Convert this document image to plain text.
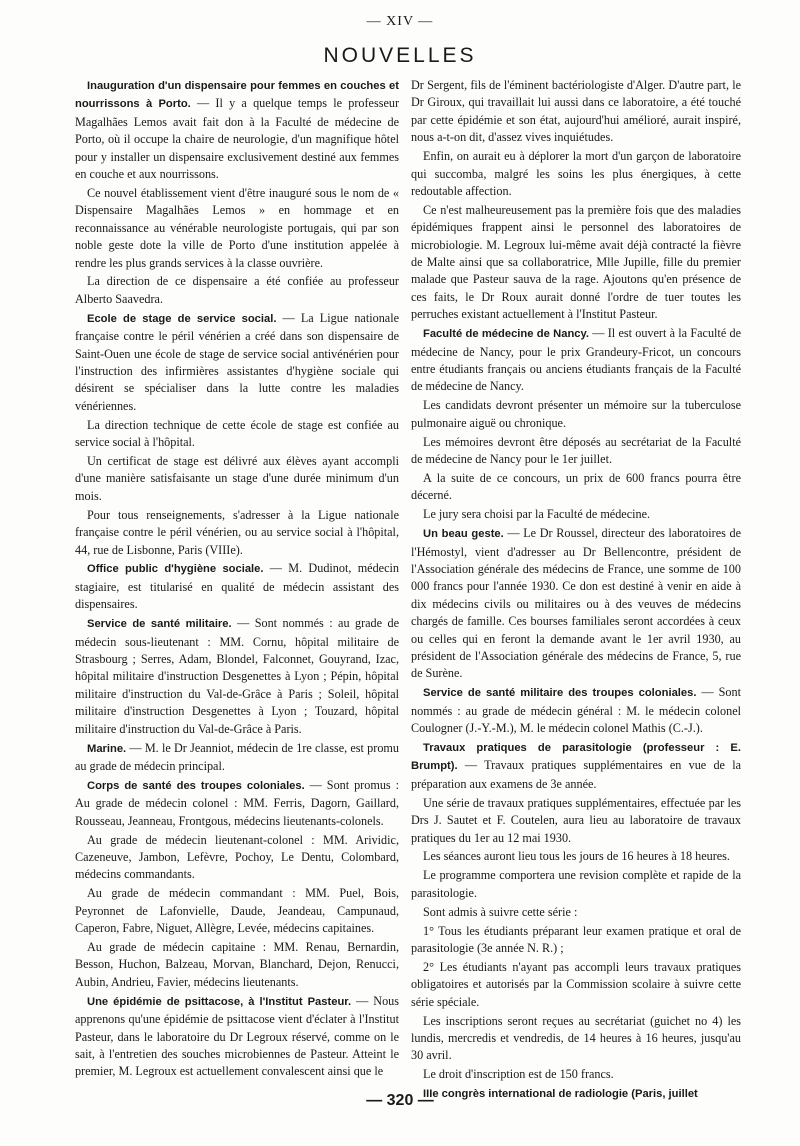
— XIV —
NOUVELLES

Inauguration d'un dispensaire pour femmes en couches et nourrissons à Porto. — Il y a quelque temps le professeur Magalhães Lemos avait fait don à la Faculté de médecine de Porto, où il occupe la chaire de neurologie, d'un magnifique hôtel pour y installer un dispensaire exclusivement destiné aux femmes en couche et aux nourrissons.

Ce nouvel établissement vient d'être inauguré sous le nom de « Dispensaire Magalhães Lemos » en hommage et en reconnaissance au vénérable neurologiste portugais, qui par son noble geste dote la ville de Porto d'une institution appelée à rendre les plus grands services à la classe ouvrière.

La direction de ce dispensaire a été confiée au professeur Alberto Saavedra.

Ecole de stage de service social. — La Ligue nationale française contre le péril vénérien a créé dans son dispensaire de Saint-Ouen une école de stage de service social antivénérien pour l'instruction des infirmières assistantes d'hygiène sociale qui désirent se spécialiser dans la lutte contre les maladies vénériennes.

La direction technique de cette école de stage est confiée au service social à l'hôpital.

Un certificat de stage est délivré aux élèves ayant accompli d'une manière satisfaisante un stage d'une durée minimum d'un mois.

Pour tous renseignements, s'adresser à la Ligue nationale française contre le péril vénérien, ou au service social à l'hôpital, 44, rue de Lisbonne, Paris (VIIIe).

Office public d'hygiène sociale. — M. Dudinot, médecin stagiaire, est titularisé en qualité de médecin assistant des dispensaires.

Service de santé militaire. — Sont nommés : au grade de médecin sous-lieutenant : MM. Cornu, hôpital militaire de Strasbourg ; Serres, Adam, Blondel, Falconnet, Gouyrand, Izac, hôpital militaire d'instruction Desgenettes à Lyon ; Pépin, hôpital militaire d'instruction du Val-de-Grâce à Paris ; Soleil, hôpital militaire d'instruction Desgenettes à Lyon ; Touzard, hôpital militaire d'instruction du Val-de-Grâce à Paris.

Marine. — M. le Dr Jeanniot, médecin de 1re classe, est promu au grade de médecin principal.

Corps de santé des troupes coloniales. — Sont promus : Au grade de médecin colonel : MM. Ferris, Dagorn, Gaillard, Rousseau, Jeanneau, Frontgous, médecins lieutenants-colonels.

Au grade de médecin lieutenant-colonel : MM. Arividic, Cazeneuve, Jambon, Lefèvre, Pochoy, Le Dentu, Colombard, médecins commandants.

Au grade de médecin commandant : MM. Puel, Bois, Peyronnet de Lafonvielle, Daude, Jeandeau, Campunaud, Caperon, Fabre, Niguet, Allègre, Levée, médecins capitaines.

Au grade de médecin capitaine : MM. Renau, Bernardin, Besson, Huchon, Balzeau, Morvan, Blanchard, Dejon, Renucci, Aubin, Andrieu, Favier, médecins lieutenants.

Une épidémie de psittacose, à l'Institut Pasteur. — Nous apprenons qu'une épidémie de psittacose vient d'éclater à l'Institut Pasteur, dans le laboratoire du Dr Legroux réservé, comme on le sait, à l'entretien des souches microbiennes de Pasteur. Atteint le premier, M. Legroux est actuellement convalescent ainsi que le

Dr Sergent, fils de l'éminent bactériologiste d'Alger. D'autre part, le Dr Giroux, qui travaillait lui aussi dans ce laboratoire, a été touché par cette épidémie et son état, aujourd'hui amélioré, aurait inspiré, nous a-t-on dit, d'assez vives inquiétudes.

Enfin, on aurait eu à déplorer la mort d'un garçon de laboratoire qui succomba, malgré les soins les plus énergiques, à cette redoutable affection.

Ce n'est malheureusement pas la première fois que des maladies épidémiques frappent ainsi le personnel des laboratoires de microbiologie. M. Legroux lui-même avait déjà contracté la fièvre de Malte ainsi que sa collaboratrice, Mlle Jupille, fille du premier malade que Pasteur sauva de la rage. Ajoutons qu'en présence de ces faits, le Dr Roux aurait donné l'ordre de tuer toutes les perruches existant actuellement à l'Institut Pasteur.

Faculté de médecine de Nancy. — Il est ouvert à la Faculté de médecine de Nancy, pour le prix Grandeury-Fricot, un concours entre étudiants français ou anciens étudiants français de la Faculté de médecine de Nancy.

Les candidats devront présenter un mémoire sur la tuberculose pulmonaire aiguë ou chronique.

Les mémoires devront être déposés au secrétariat de la Faculté de médecine de Nancy pour le 1er juillet.

A la suite de ce concours, un prix de 600 francs pourra être décerné.

Le jury sera choisi par la Faculté de médecine.

Un beau geste. — Le Dr Roussel, directeur des laboratoires de l'Hémostyl, vient d'adresser au Dr Bellencontre, président de l'Association générale des médecins de France, une somme de 100 000 francs pour l'année 1930. Ce don est destiné à venir en aide à dix médecins civils ou militaires ou à des veuves de médecins chargés de famille. Ces bourses familiales seront accordées à ceux ou celles qui en feront la demande avant le 1er avril 1930, au président de l'Association générale des médecins de France, 5, rue de Surène.

Service de santé militaire des troupes coloniales. — Sont nommés : au grade de médecin général : M. le médecin colonel Coulogner (J.-Y.-M.), M. le médecin colonel Mathis (C.-J.).

Travaux pratiques de parasitologie (professeur : E. Brumpt). — Travaux pratiques supplémentaires en vue de la préparation aux examens de 3e année.

Une série de travaux pratiques supplémentaires, effectuée par les Drs J. Sautet et F. Coutelen, aura lieu au laboratoire de travaux pratiques du 1er au 12 mai 1930.

Les séances auront lieu tous les jours de 16 heures à 18 heures.

Le programme comportera une revision complète et rapide de la parasitologie.

Sont admis à suivre cette série :

1° Tous les étudiants préparant leur examen pratique et oral de parasitologie (3e année N. R.) ;

2° Les étudiants n'ayant pas accompli leurs travaux pratiques obligatoires et autorisés par la Commission scolaire à suivre cette série spéciale.

Les inscriptions seront reçues au secrétariat (guichet no 4) les lundis, mercredis et vendredis, de 14 heures à 16 heures, jusqu'au 30 avril.

Le droit d'inscription est de 150 francs.

IIIe congrès international de radiologie (Paris, juillet

— 320 —
